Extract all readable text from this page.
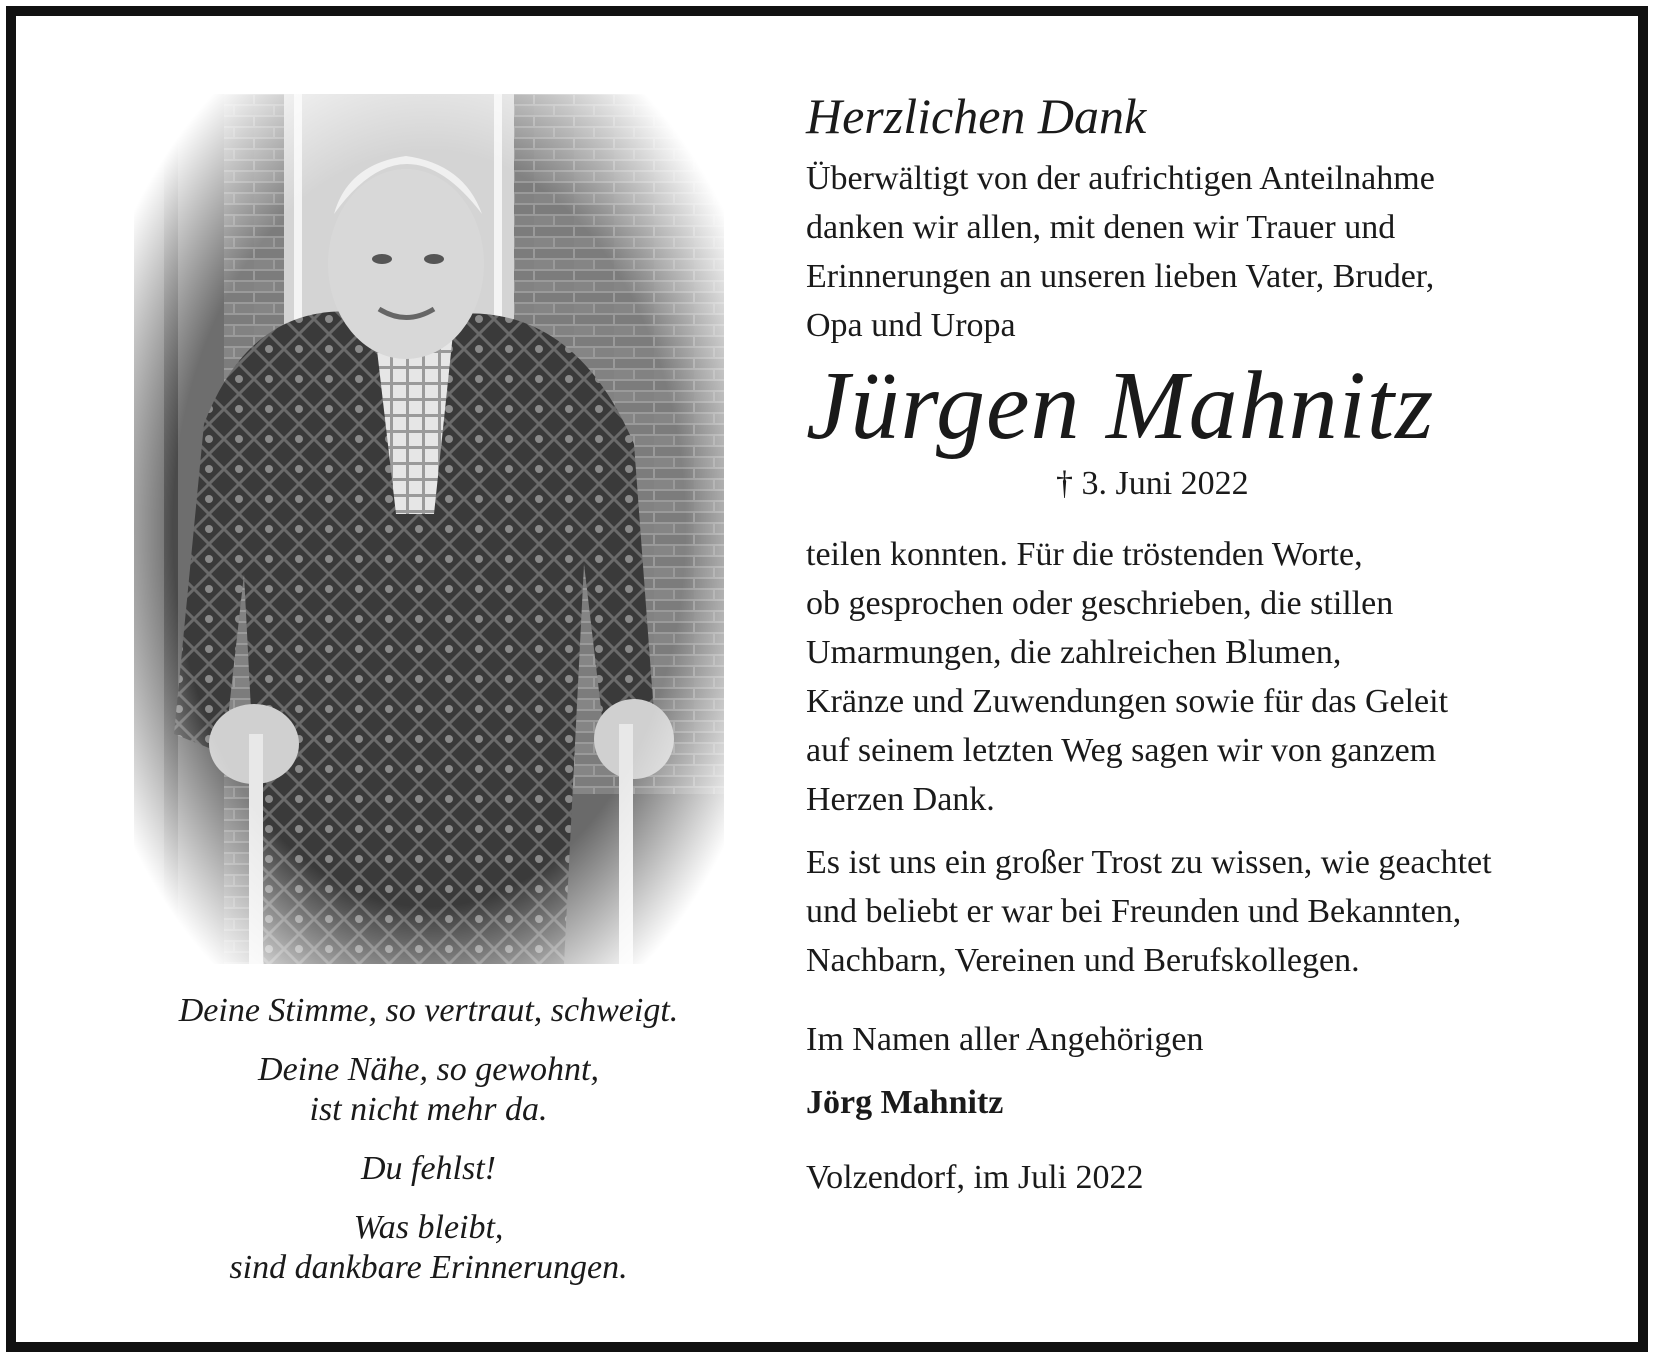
Deine Stimme, so vertraut, schweigt.

Deine Nähe, so gewohnt,
ist nicht mehr da.

Du fehlst!

Was bleibt,
sind dankbare Erinnerungen.

Herzlichen Dank

Überwältigt von der aufrichtigen Anteilnahme
danken wir allen, mit denen wir Trauer und
Erinnerungen an unseren lieben Vater, Bruder,
Opa und Uropa

Jürgen Mahnitz

† 3. Juni 2022

teilen konnten. Für die tröstenden Worte,
ob gesprochen oder geschrieben, die stillen
Umarmungen, die zahlreichen Blumen,
Kränze und Zuwendungen sowie für das Geleit
auf seinem letzten Weg sagen wir von ganzem
Herzen Dank.

Es ist uns ein großer Trost zu wissen, wie geachtet
und beliebt er war bei Freunden und Bekannten,
Nachbarn, Vereinen und Berufskollegen.

Im Namen aller Angehörigen

Jörg Mahnitz

Volzendorf, im Juli 2022
